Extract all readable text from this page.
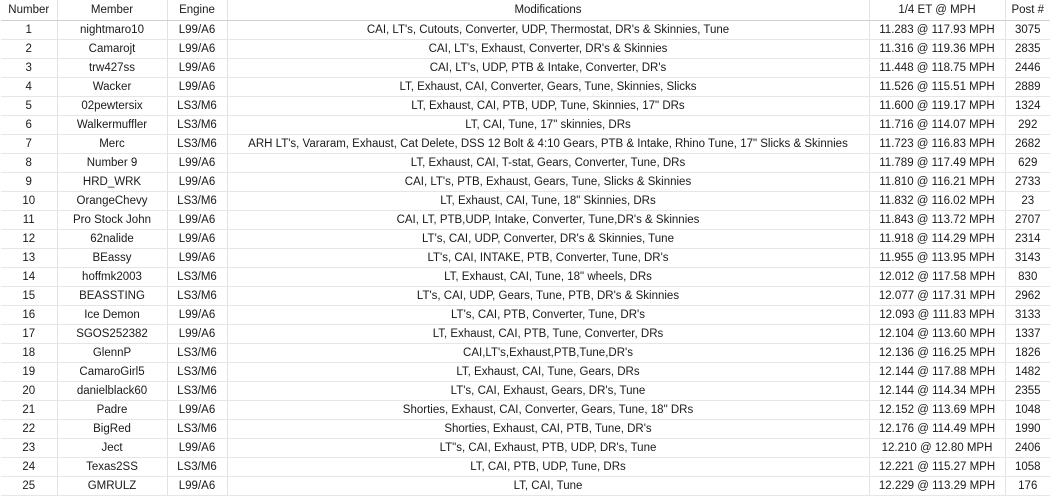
Number	Member	Engine	Modifications	1/4 ET @ MPH	Post #
1	nightmaro10	L99/A6	CAI, LT's, Cutouts, Converter, UDP, Thermostat, DR's & Skinnies, Tune	11.283 @ 117.93 MPH	3075
2	Camarojt	L99/A6	CAI, LT's, Exhaust, Converter, DR's & Skinnies	11.316 @ 119.36 MPH	2835
3	trw427ss	L99/A6	CAI, LT's, UDP, PTB & Intake, Converter, DR's	11.448 @ 118.75 MPH	2446
4	Wacker	L99/A6	LT, Exhaust, CAI, Converter, Gears, Tune, Skinnies, Slicks	11.526 @ 115.51 MPH	2889
5	02pewtersix	LS3/M6	LT, Exhaust, CAI, PTB, UDP, Tune, Skinnies, 17" DRs	11.600 @ 119.17 MPH	1324
6	Walkermuffler	LS3/M6	LT, CAI, Tune, 17" skinnies, DRs	11.716 @ 114.07 MPH	292
7	Merc	LS3/M6	ARH LT's, Vararam, Exhaust, Cat Delete, DSS 12 Bolt & 4:10 Gears, PTB & Intake, Rhino Tune, 17" Slicks & Skinnies	11.723 @ 116.83 MPH	2682
8	Number 9	L99/A6	LT, Exhaust, CAI, T-stat, Gears, Converter, Tune, DRs	11.789 @ 117.49 MPH	629
9	HRD_WRK	L99/A6	CAI, LT's, PTB, Exhaust, Gears, Tune, Slicks & Skinnies	11.810 @ 116.21 MPH	2733
10	OrangeChevy	LS3/M6	LT, Exhaust, CAI, Tune, 18" Skinnies, DRs	11.832 @ 116.02 MPH	23
11	Pro Stock John	L99/A6	CAI, LT, PTB,UDP, Intake, Converter, Tune,DR's & Skinnies	11.843 @ 113.72 MPH	2707
12	62nalide	L99/A6	LT's, CAI, UDP, Converter, DR's & Skinnies, Tune	11.918 @ 114.29 MPH	2314
13	BEassy	L99/A6	LT's, CAI, INTAKE, PTB, Converter, Tune, DR's	11.955 @ 113.95 MPH	3143
14	hoffmk2003	LS3/M6	LT, Exhaust, CAI, Tune, 18" wheels, DRs	12.012 @ 117.58 MPH	830
15	BEASSTING	LS3/M6	LT's, CAI, UDP, Gears, Tune, PTB, DR's & Skinnies	12.077 @ 117.31 MPH	2962
16	Ice Demon	L99/A6	LT's, CAI, PTB, Converter, Tune, DR's	12.093 @ 111.83 MPH	3133
17	SGOS252382	L99/A6	LT, Exhaust, CAI, PTB, Tune, Converter, DRs	12.104 @ 113.60 MPH	1337
18	GlennP	LS3/M6	CAI,LT's,Exhaust,PTB,Tune,DR's	12.136 @ 116.25 MPH	1826
19	CamaroGirl5	LS3/M6	LT, Exhaust, CAI, Tune, Gears, DRs	12.144 @ 117.88 MPH	1482
20	danielblack60	LS3/M6	LT's, CAI, Exhaust, Gears, DR's, Tune	12.144 @ 114.34 MPH	2355
21	Padre	L99/A6	Shorties, Exhaust, CAI, Converter, Gears, Tune, 18" DRs	12.152 @ 113.69 MPH	1048
22	BigRed	LS3/M6	Shorties, Exhaust, CAI, PTB, Tune, DR's	12.176 @ 114.49 MPH	1990
23	Ject	L99/A6	LT"s, CAI, Exhaust, PTB, UDP, DR's, Tune	12.210 @ 12.80 MPH	2406
24	Texas2SS	LS3/M6	LT, CAI, PTB, UDP, Tune, DRs	12.221 @ 115.27 MPH	1058
25	GMRULZ	L99/A6	LT, CAI, Tune	12.229 @ 113.29 MPH	176
